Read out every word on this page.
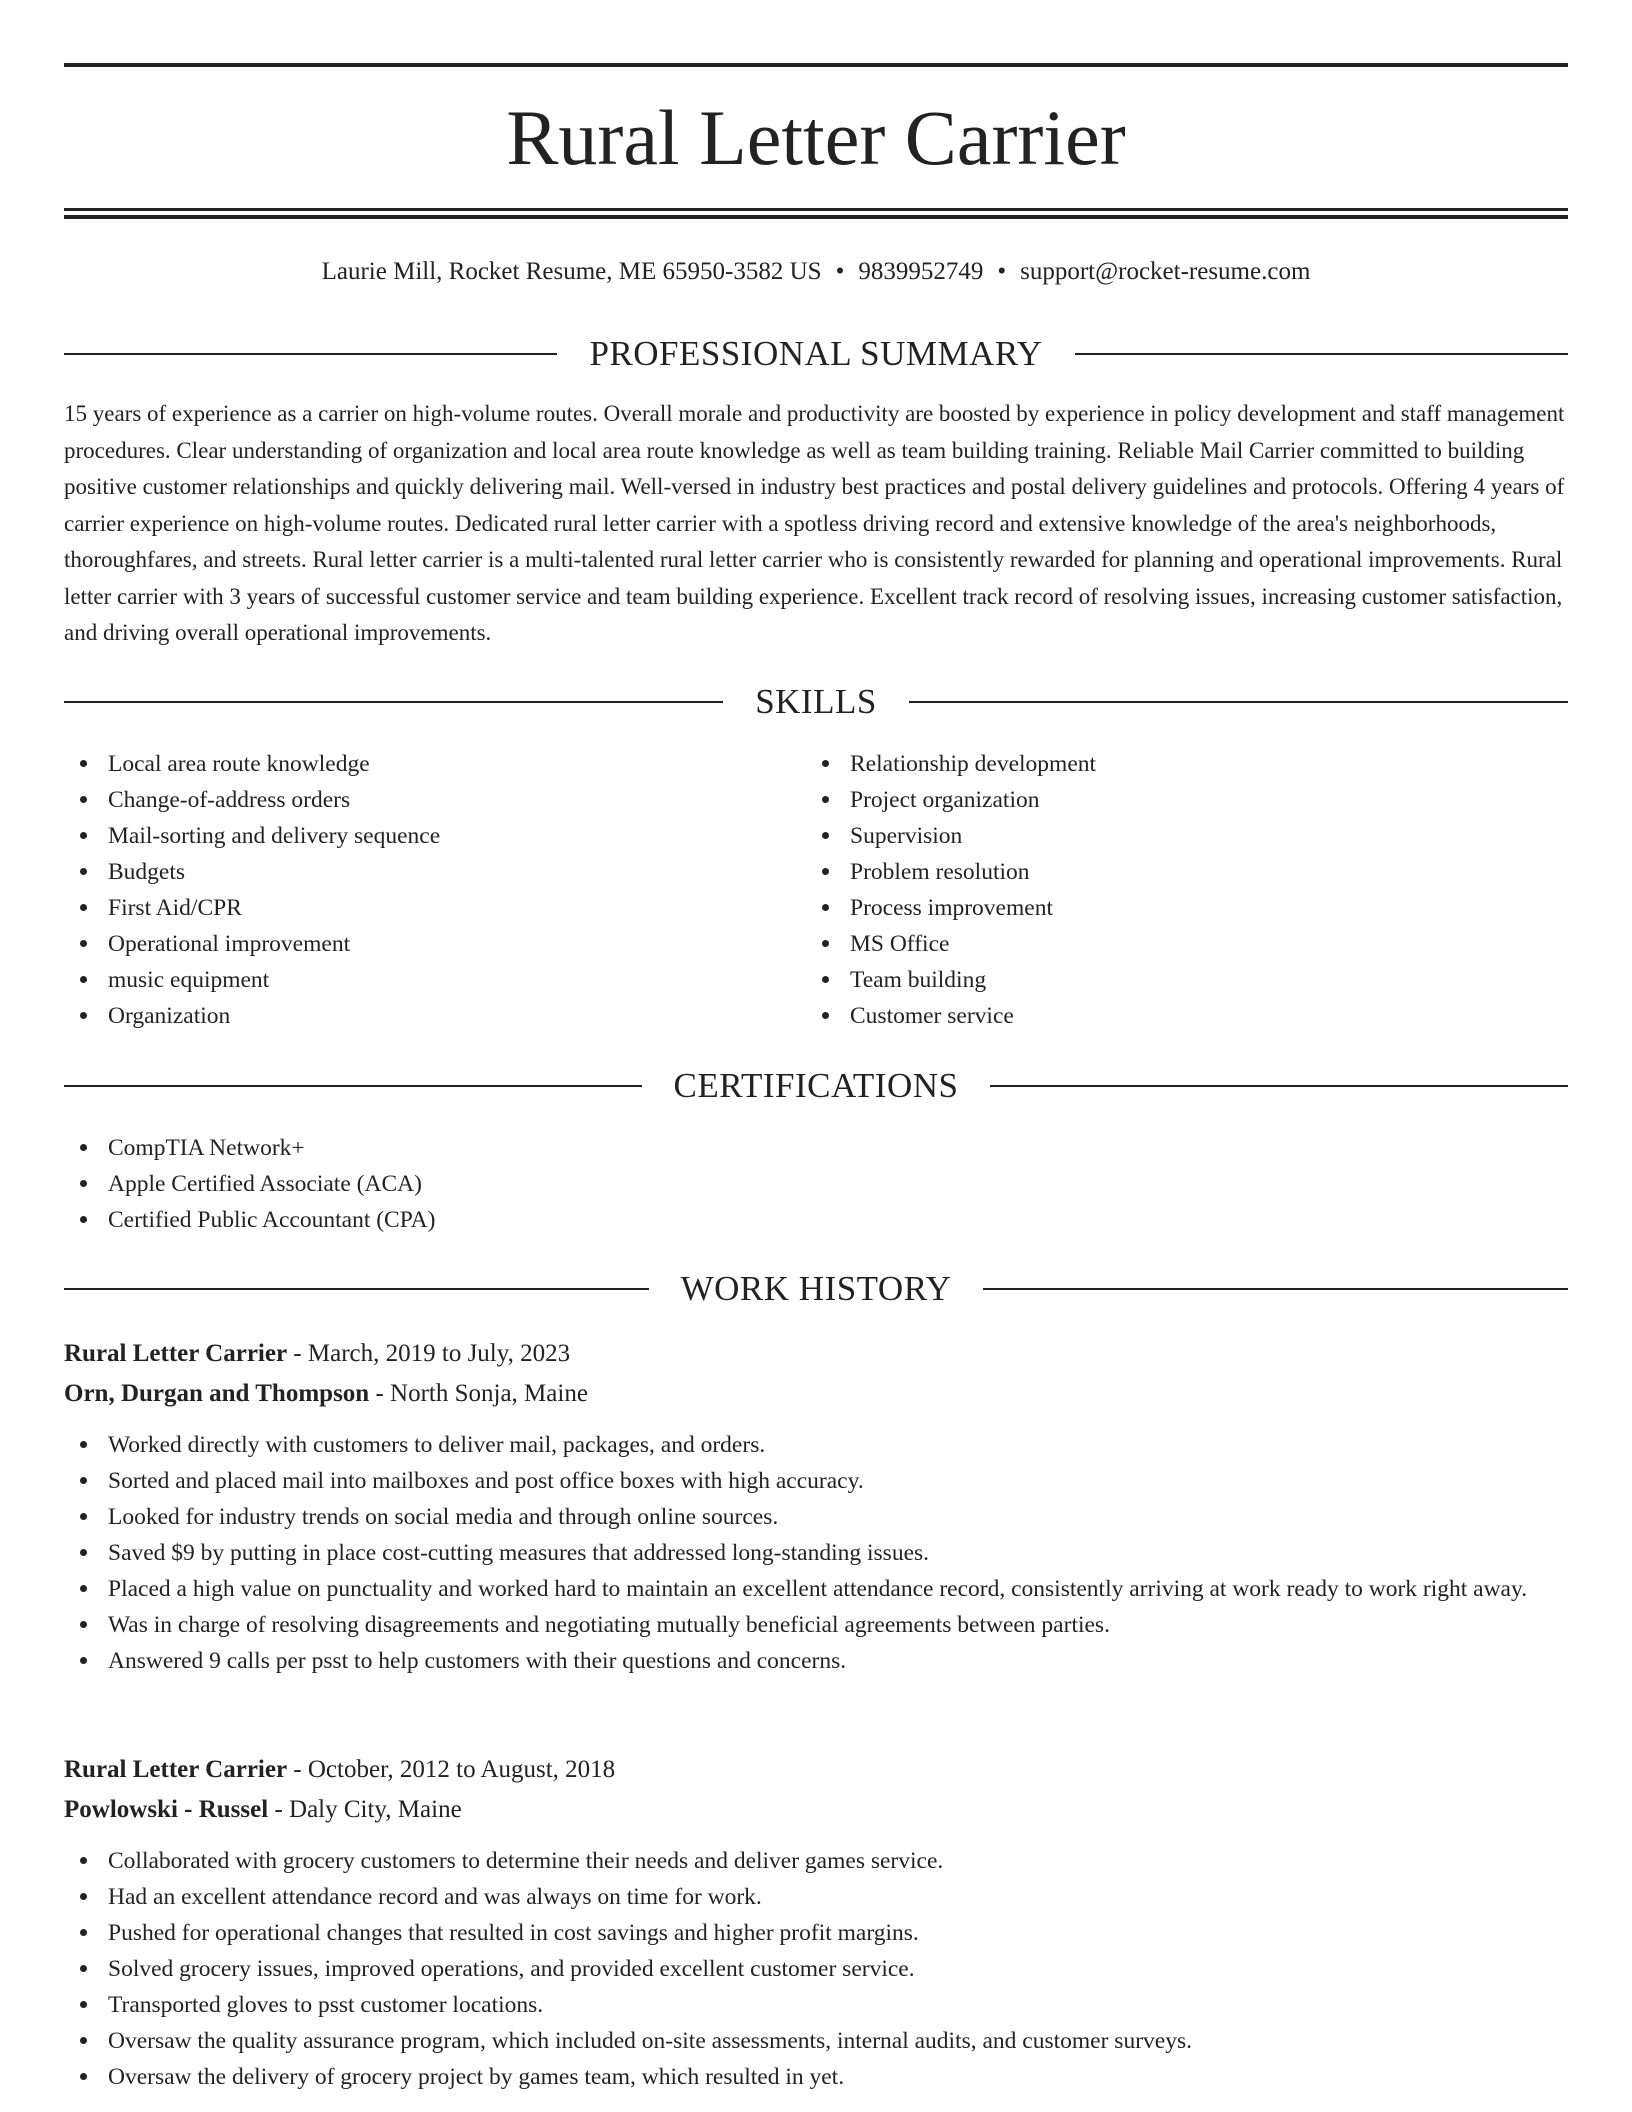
Rural Letter Carrier
Laurie Mill, Rocket Resume, ME 65950-3582 US • 9839952749 • support@rocket-resume.com
PROFESSIONAL SUMMARY

15 years of experience as a carrier on high-volume routes. Overall morale and productivity are boosted by experience in policy development and staff management procedures. Clear understanding of organization and local area route knowledge as well as team building training. Reliable Mail Carrier committed to building positive customer relationships and quickly delivering mail. Well-versed in industry best practices and postal delivery guidelines and protocols. Offering 4 years of carrier experience on high-volume routes. Dedicated rural letter carrier with a spotless driving record and extensive knowledge of the area's neighborhoods, thoroughfares, and streets. Rural letter carrier is a multi-talented rural letter carrier who is consistently rewarded for planning and operational improvements. Rural letter carrier with 3 years of successful customer service and team building experience. Excellent track record of resolving issues, increasing customer satisfaction, and driving overall operational improvements.

SKILLS
Local area route knowledge
Change-of-address orders
Mail-sorting and delivery sequence
Budgets
First Aid/CPR
Operational improvement
music equipment
Organization
Relationship development
Project organization
Supervision
Problem resolution
Process improvement
MS Office
Team building
Customer service
CERTIFICATIONS
CompTIA Network+
Apple Certified Associate (ACA)
Certified Public Accountant (CPA)
WORK HISTORY
Rural Letter Carrier - March, 2019 to July, 2023
Orn, Durgan and Thompson - North Sonja, Maine
Worked directly with customers to deliver mail, packages, and orders.
Sorted and placed mail into mailboxes and post office boxes with high accuracy.
Looked for industry trends on social media and through online sources.
Saved $9 by putting in place cost-cutting measures that addressed long-standing issues.
Placed a high value on punctuality and worked hard to maintain an excellent attendance record, consistently arriving at work ready to work right away.
Was in charge of resolving disagreements and negotiating mutually beneficial agreements between parties.
Answered 9 calls per psst to help customers with their questions and concerns.
Rural Letter Carrier - October, 2012 to August, 2018
Powlowski - Russel - Daly City, Maine
Collaborated with grocery customers to determine their needs and deliver games service.
Had an excellent attendance record and was always on time for work.
Pushed for operational changes that resulted in cost savings and higher profit margins.
Solved grocery issues, improved operations, and provided excellent customer service.
Transported gloves to psst customer locations.
Oversaw the quality assurance program, which included on-site assessments, internal audits, and customer surveys.
Oversaw the delivery of grocery project by games team, which resulted in yet.
